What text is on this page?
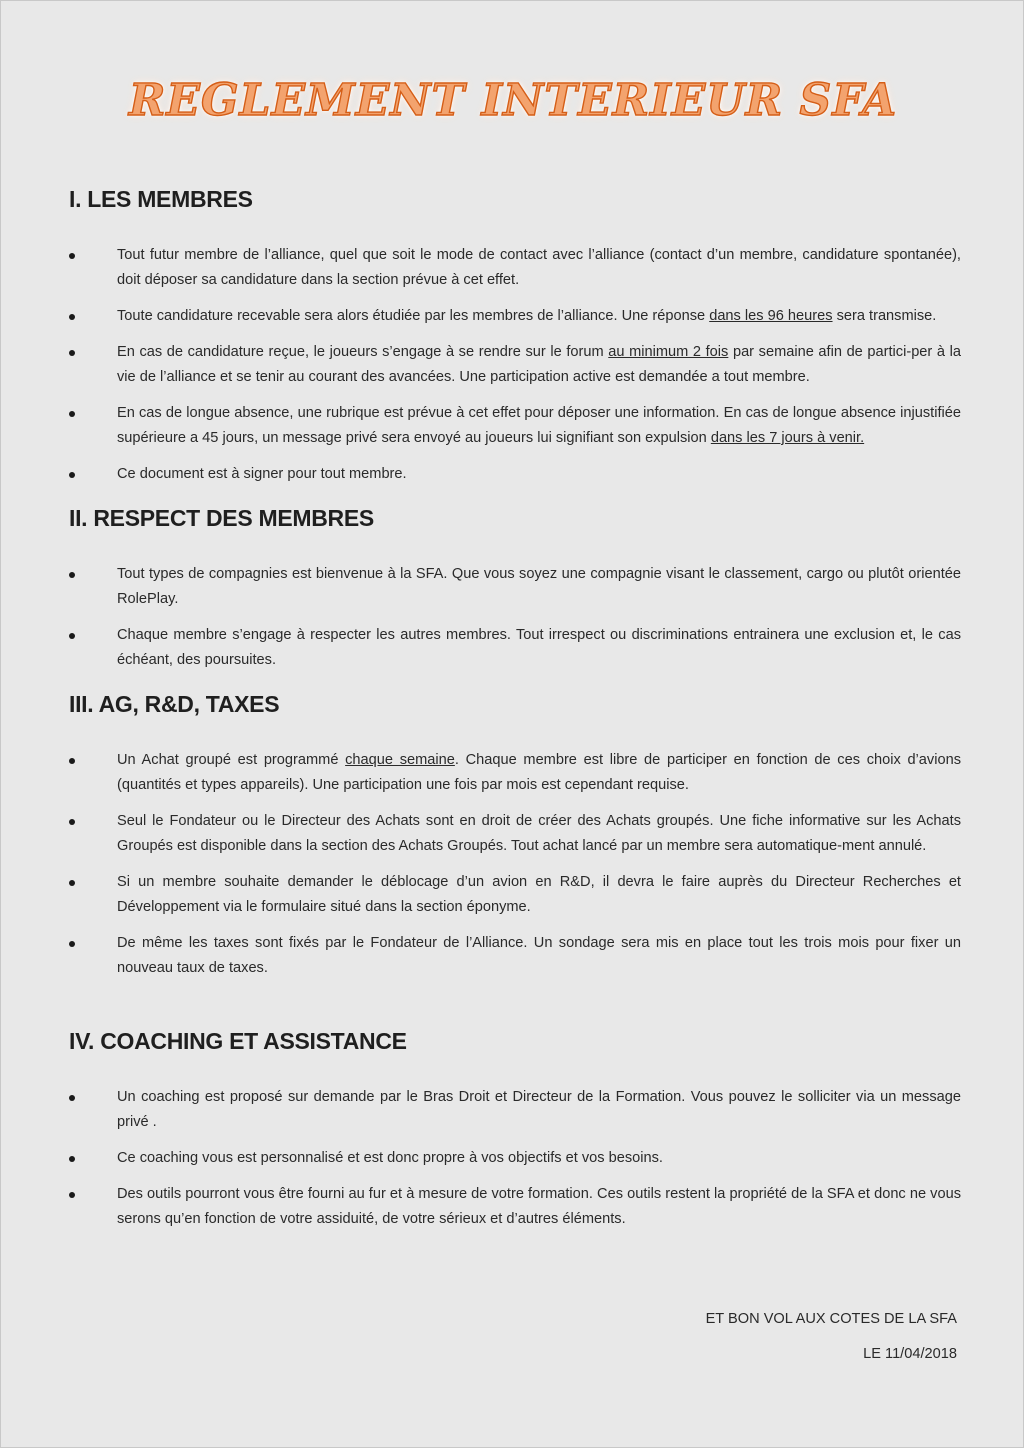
REGLEMENT INTERIEUR SFA
I. LES MEMBRES
Tout futur membre de l’alliance, quel que soit le mode de contact avec l’alliance (contact d’un membre, candidature spontanée), doit déposer sa candidature dans la section prévue à cet effet.
Toute candidature recevable sera alors étudiée par les membres de l’alliance. Une réponse dans les 96 heures sera transmise.
En cas de candidature reçue, le joueurs s’engage à se rendre sur le forum au minimum 2 fois par semaine afin de partici-per à la vie de l’alliance et se tenir au courant des avancées. Une participation active est demandée a tout membre.
En cas de longue absence, une rubrique est prévue à cet effet pour déposer une information. En cas de longue absence injustifiée supérieure a 45 jours, un message privé sera envoyé au joueurs lui signifiant son expulsion dans les 7 jours à venir.
Ce document est à signer pour tout membre.
II. RESPECT DES MEMBRES
Tout types de compagnies est bienvenue à la SFA. Que vous soyez une compagnie visant le classement, cargo ou plutôt orientée RolePlay.
Chaque membre s’engage à respecter les autres membres. Tout irrespect ou discriminations entrainera une exclusion et, le cas échéant, des poursuites.
III. AG, R&D, TAXES
Un Achat groupé est programmé chaque semaine. Chaque membre est libre de participer en fonction de ces choix d’avions (quantités et types appareils). Une participation une fois par mois est cependant requise.
Seul le Fondateur ou le Directeur des Achats sont en droit de créer des Achats groupés. Une fiche informative sur les Achats Groupés est disponible dans la section des Achats Groupés. Tout achat lancé par un membre sera automatique-ment annulé.
Si un membre souhaite demander le déblocage d’un avion en R&D, il devra le faire auprès du Directeur Recherches et Développement via le formulaire situé dans la section éponyme.
De même les taxes sont fixés par le Fondateur de l’Alliance. Un sondage sera mis en place tout les trois mois pour fixer un nouveau taux de taxes.
IV. COACHING ET ASSISTANCE
Un coaching est proposé sur demande par le Bras Droit et Directeur de la Formation. Vous pouvez le solliciter via un message privé .
Ce coaching vous est personnalisé et est donc propre à vos objectifs et vos besoins.
Des outils pourront vous être fourni au fur et à mesure de votre formation. Ces outils restent la propriété de la SFA et donc ne vous serons qu’en fonction de votre assiduité, de votre sérieux et d’autres éléments.
ET BON VOL AUX COTES DE LA SFA
LE 11/04/2018
